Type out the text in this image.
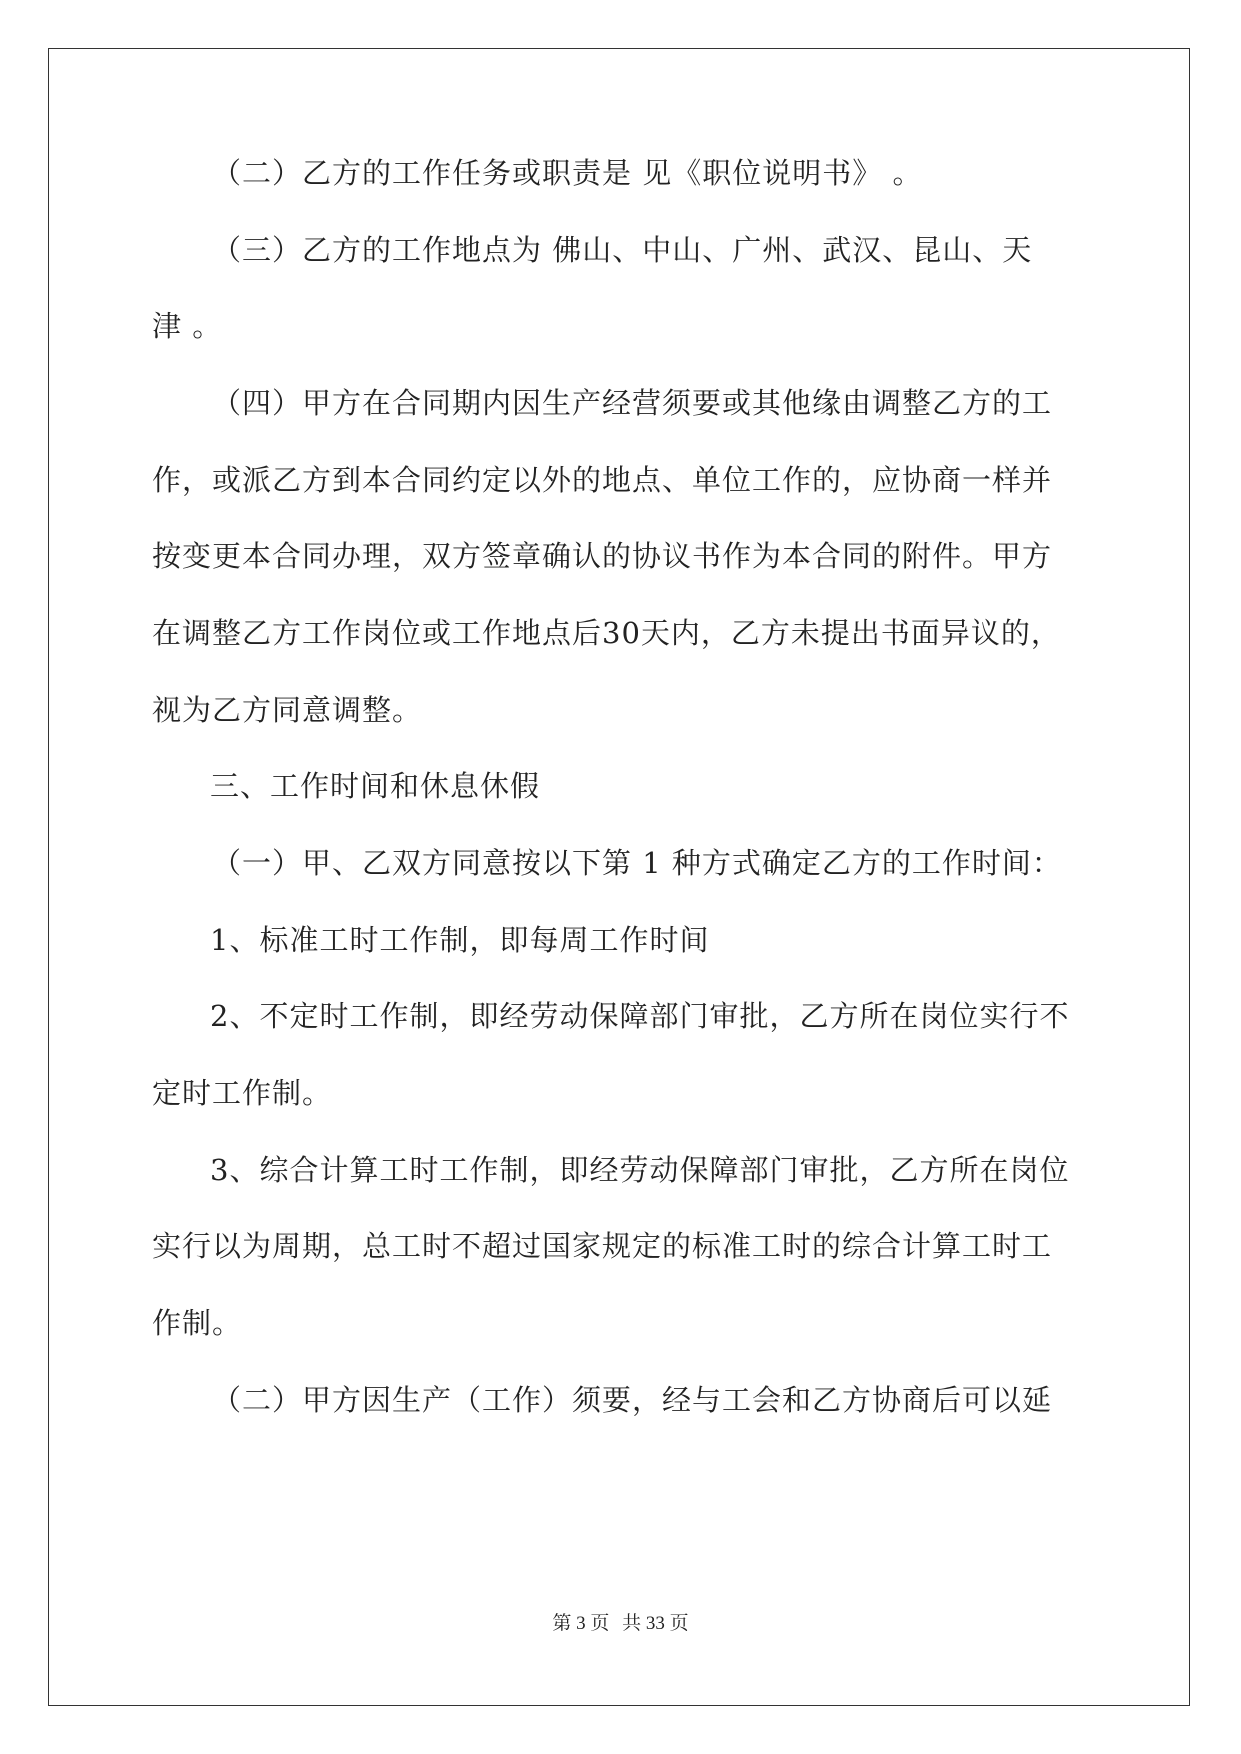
（二）乙方的工作任务或职责是 见《职位说明书》 。
（三）乙方的工作地点为 佛山、中山、广州、武汉、昆山、天
津 。
（四）甲方在合同期内因生产经营须要或其他缘由调整乙方的工
作，或派乙方到本合同约定以外的地点、单位工作的，应协商一样并
按变更本合同办理，双方签章确认的协议书作为本合同的附件。甲方
在调整乙方工作岗位或工作地点后30天内，乙方未提出书面异议的，
视为乙方同意调整。
三、工作时间和休息休假
（一）甲、乙双方同意按以下第 1 种方式确定乙方的工作时间：
1、标准工时工作制，即每周工作时间
2、不定时工作制，即经劳动保障部门审批，乙方所在岗位实行不
定时工作制。
3、综合计算工时工作制，即经劳动保障部门审批，乙方所在岗位
实行以为周期，总工时不超过国家规定的标准工时的综合计算工时工
作制。
（二）甲方因生产（工作）须要，经与工会和乙方协商后可以延
第 3 页 共 33 页
